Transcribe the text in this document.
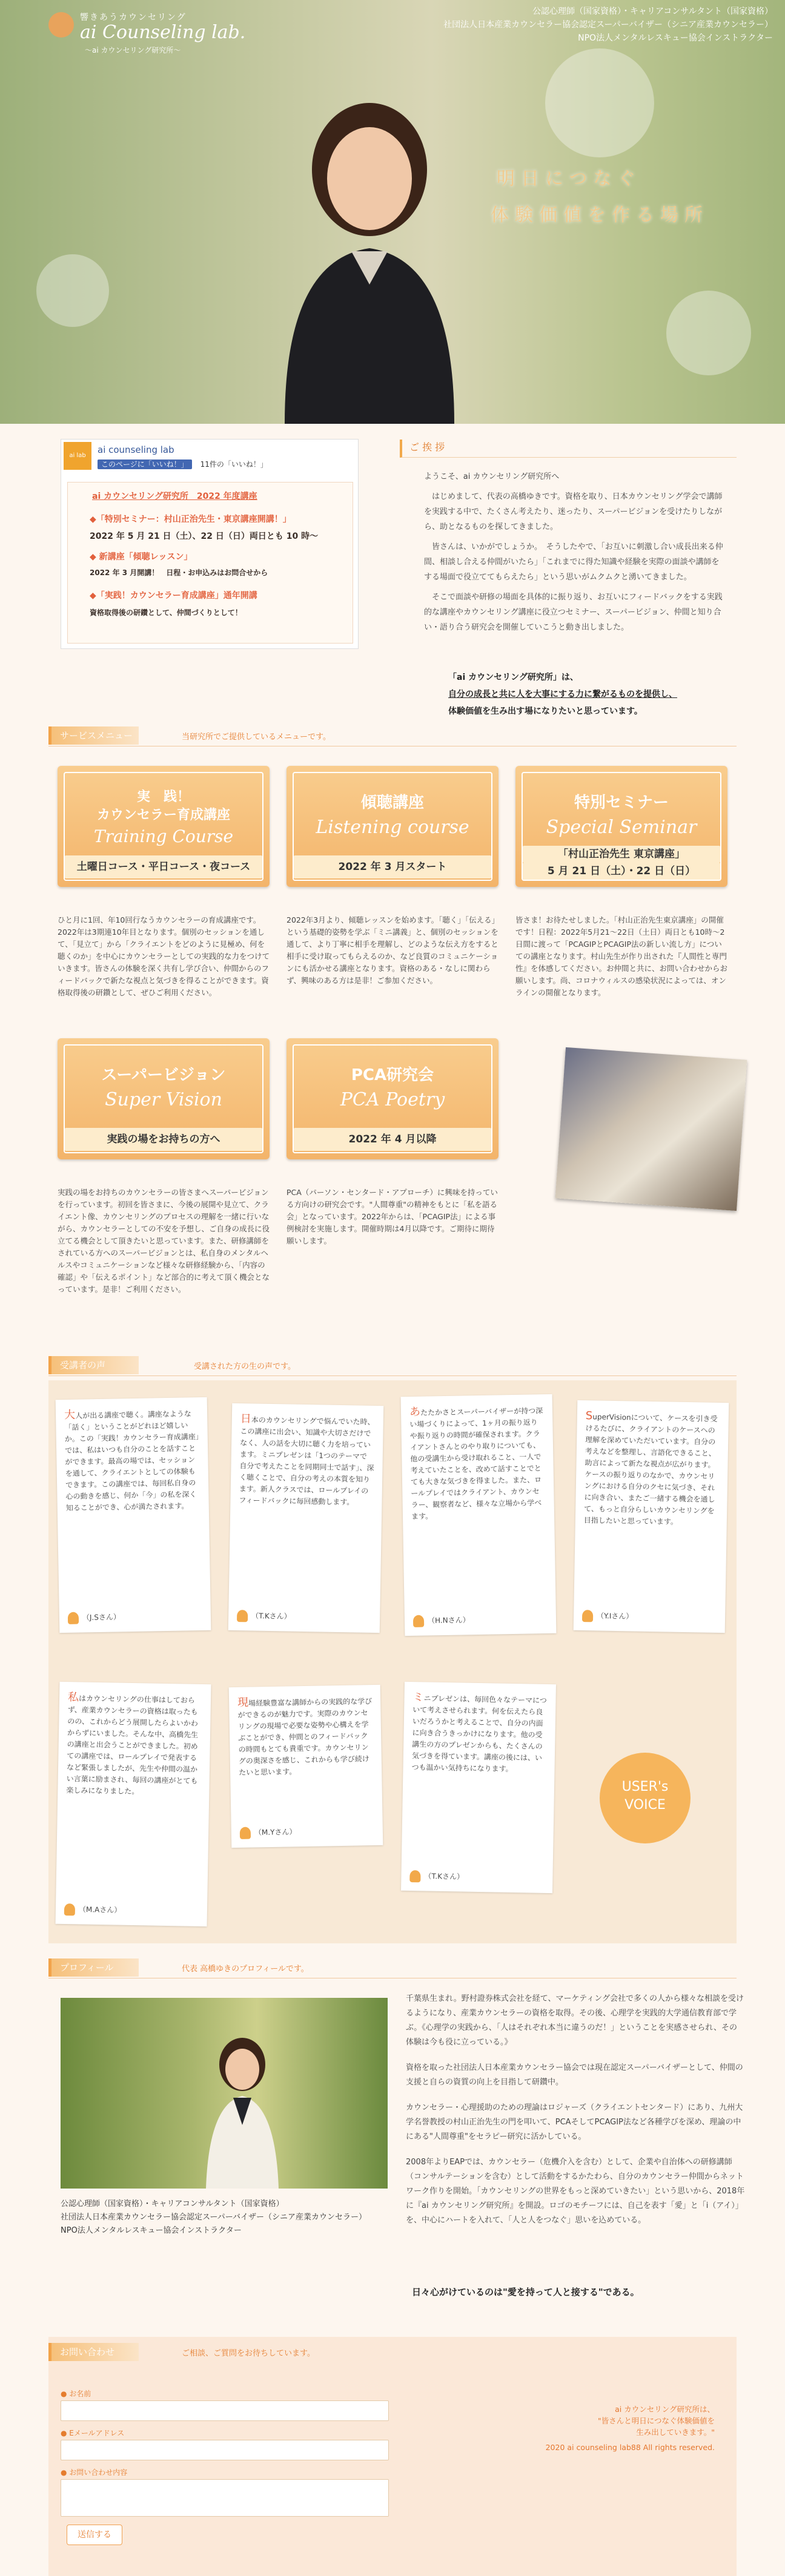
響きあうカウンセリング
ai Counseling lab.
〜ai カウンセリング研究所〜
公認心理師（国家資格）・キャリアコンサルタント（国家資格）
社団法人日本産業カウンセラー協会認定スーパーバイザー（シニア産業カウンセラー）
NPO法人メンタルレスキュー協会インストラクター
明日につなぐ
体験価値を作る場所
ai lab
ai counseling lab
このページに「いいね！」 11件の「いいね！」

ai カウンセリング研究所　2022 年度講座

◆「特別セミナー：村山正治先生・東京講座開講！」

2022 年 5 月 21 日（土）、22 日（日）両日とも 10 時〜

◆ 新講座「傾聴レッスン」

2022 年 3 月開講！　日程・お申込みはお問合せから

◆「実践！カウンセラー育成講座」通年開講

資格取得後の研鑽として、仲間づくりとして！

ご 挨 拶

ようこそ、ai カウンセリング研究所へ

　はじめまして、代表の高橋ゆきです。資格を取り、日本カウンセリング学会で講師を実践する中で、たくさん考えたり、迷ったり、スーパービジョンを受けたりしながら、助となるものを探してきました。

　皆さんは、いかがでしょうか。　そうしたやで、「お互いに刺激し合い成長出来る仲間、相談し合える仲間がいたら」「これまでに得た知識や経験を実際の面談や講師をする場面で役立ててもらえたら」という思いがムクムクと湧いてきました。

　そこで面談や研修の場面を具体的に振り返り、お互いにフィードバックをする実践的な講座やカウンセリング講座に役立つセミナー、スーパービジョン、仲間と知り合い・語り合う研究会を開催していこうと動き出しました。

「ai カウンセリング研究所」は、
自分の成長と共に人を大事にする力に繋がるものを提供し、
体験価値を生み出す場になりたいと思っています。
サービスメニュー	当研究所でご提供しているメニューです。
実　践！
カウンセラー育成講座
Training Course
土曜日コース・平日コース・夜コース
ひと月に1回、年10回行なうカウンセラーの育成講座です。2022年は3期連10年目となります。個別のセッションを通して、「見立て」から「クライエントをどのように見極め、何を聴くのか」を中心にカウンセラーとしての実践的な力をつけていきます。皆さんの体験を深く共有し学び合い、仲間からのフィードバックで新たな視点と気づきを得ることができます。資格取得後の研鑽として、ぜひご利用ください。
傾聴講座
Listening course
2022 年 3 月スタート
2022年3月より、傾聴レッスンを始めます。「聴く」「伝える」という基礎的姿勢を学ぶ「ミニ講義」と、個別のセッションを通して、より丁寧に相手を理解し、どのような伝え方をすると相手に受け取ってもらえるのか、など良質のコミュニケーションにも活かせる講座となります。資格のある・なしに関わらず、興味のある方は是非！ご参加ください。
特別セミナー
Special Seminar
「村山正治先生 東京講座」
5 月 21 日（土）・22 日（日）
皆さま！お待たせしました。「村山正治先生東京講座」の開催です！日程：2022年5月21〜22日（土日）両日とも10時〜2日間に渡って「PCAGIPとPCAGIP法の新しい流し方」についての講座となります。村山先生が作り出された『人間性と専門性』を体感してください。お仲間と共に、お問い合わせからお願いします。尚、コロナウィルスの感染状況によっては、オンラインの開催となります。
スーパービジョン
Super Vision
実践の場をお持ちの方へ
実践の場をお持ちのカウンセラーの皆さまへスーパービジョンを行っています。初回を皆さまに、今後の展開や見立て、クライエント像、カウンセリングのプロセスの理解を一緒に行いながら、カウンセラーとしての不安を予想し、ご自身の成長に役立てる機会として頂きたいと思っています。また、研修講師をされている方へのスーパービジョンとは、私自身のメンタルヘルスやコミュニケーションなど様々な研修経験から、「内容の確認」や「伝えるポイント」など部合的に考えて頂く機会となっています。是非！ご利用ください。
PCA研究会
PCA Poetry
2022 年 4 月以降
PCA（パーソン・センタード・アプローチ）に興味を持っている方向けの研究会です。"人間尊重"の精神をもとに「私を語る会」となっています。2022年からは、「PCAGIP法」による事例検討を実施します。開催時期は4月以降です。ご期待に期待願いします。
受講者の声	受講された方の生の声です。
大人が出る講座で聴く。講座なような「話く」ということがどれほど嬉しいか。この「実践！カウンセラー育成講座」では、私はいつも自分のことを話すことができます。最高の場では、セッションを通して、クライエントとしての体験もできます。この講座では、毎回私自身の心の動きを感じ、何か「今」の私を深く知ることができ、心が満たされます。
（J.Sさん）
日本のカウンセリングで悩んでいた時、この講座に出会い、知識や大切さだけでなく、人の話を大切に聴く力を培っています。ミニプレゼンは「1つのテーマで自分で考えたことを同期同士で話す」、深く聴くことで、自分の考えの本質を知ります。新人クラスでは、ロールプレイのフィードバックに毎回感動します。
（T.Kさん）
あたたかさとスーパーバイザーが持つ深い場づくりによって、1ヶ月の振り返りや振り返りの時間が確保されます。クライアントさんとのやり取りについても、他の受講生から受け取れること、一人で考えていたことを、改めて話すことでとても大きな気づきを得ました。また、ロールプレイではクライアント、カウンセラー、観察者など、様々な立場から学べます。
（H.Nさん）
SuperVisionについて、ケースを引き受けるたびに、クライアントのケースへの理解を深めていただいています。自分の考えなどを整理し、言語化できること、助言によって新たな視点が広がります。ケースの振り返りのなかで、カウンセリングにおける自分のクセに気づき、それに向き合い、またご一緒する機会を通して、もっと自分らしいカウンセリングを目指したいと思っています。
（Y.Iさん）
私はカウンセリングの仕事はしておらず、産業カウンセラーの資格は取ったものの、これからどう展開したらよいかわからずにいました。そんな中、高橋先生の講座と出会うことができました。初めての講座では、ロールプレイで発表するなど緊張しましたが、先生や仲間の温かい言葉に励まされ、毎回の講座がとても楽しみになりました。
（M.Aさん）
現場経験豊富な講師からの実践的な学びができるのが魅力です。実際のカウンセリングの現場で必要な姿勢や心構えを学ぶことができ、仲間とのフィードバックの時間もとても貴重です。カウンセリングの奥深さを感じ、これからも学び続けたいと思います。
（M.Yさん）
ミニプレゼンは、毎回色々なテーマについて考えさせられます。何を伝えたら良いだろうかと考えることで、自分の内面に向き合うきっかけになります。他の受講生の方のプレゼンからも、たくさんの気づきを得ています。講座の後には、いつも温かい気持ちになります。
（T.Kさん）
USER's
VOICE
プロフィール	代表 高橋ゆきのプロフィールです。
公認心理師（国家資格）・キャリアコンサルタント（国家資格）
社団法人日本産業カウンセラー協会認定スーパーバイザー（シニア産業カウンセラー）
NPO法人メンタルレスキュー協会インストラクター

千葉県生まれ。野村證券株式会社を経て、マーケティング会社で多くの人から様々な相談を受けるようになり、産業カウンセラーの資格を取得。その後、心理学を実践的大学通信教育部で学ぶ。《心理学の実践から、「人はそれぞれ本当に違うのだ！」ということを実感させられ、その体験は今も役に立っている。》

資格を取った社団法人日本産業カウンセラー協会では現在認定スーパーバイザーとして、仲間の支援と自らの資質の向上を目指して研鑽中。

カウンセラー・心理援助のための理論はロジャーズ（クライエントセンタード）にあり、九州大学名誉教授の村山正治先生の門を叩いて、PCAそしてPCAGIP法など各種学びを深め、理論の中にある"人間尊重"をセラピー研究に活かしている。

2008年よりEAPでは、カウンセラー（危機介入を含む）として、企業や自治体への研修講師（コンサルテーションを含む）として活動をするかたわら、自分のカウンセラー仲間からネットワーク作りを開始。「カウンセリングの世界をもっと深めていきたい」という思いから、2018年に『ai カウンセリング研究所』を開設。ロゴのモチーフには、自己を表す「愛」と「i（アイ）」を、中心にハートを入れて、「人と人をつなぐ」思いを込めている。

日々心がけているのは"愛を持って人と接する"である。
お問い合わせ	ご相談、ご質問をお待ちしています。
● お名前
● Eメールアドレス
● お問い合わせ内容
送信する
ai カウンセリング研究所は、
"皆さんと明日につなぐ体験価値を
生み出していきます。"
2020 ai counseling lab88 All rights reserved.
